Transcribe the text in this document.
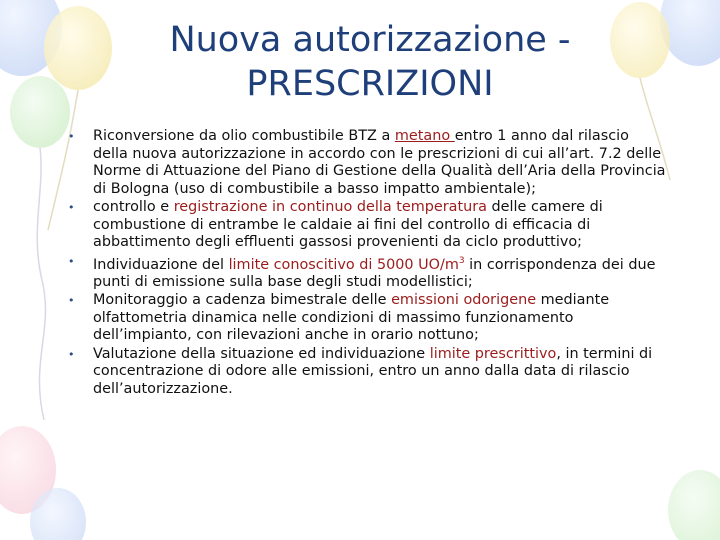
Nuova autorizzazione -
PRESCRIZIONI
• Riconversione da olio combustibile BTZ a metano entro 1 anno dal rilascio della nuova autorizzazione in accordo con le prescrizioni di cui all’art. 7.2 delle Norme di Attuazione del Piano di Gestione della Qualità dell’Aria della Provincia di Bologna (uso di combustibile a basso impatto ambientale);
• controllo e registrazione in continuo della temperatura delle camere di combustione di entrambe le caldaie ai fini del controllo di efficacia di abbattimento degli effluenti gassosi provenienti da ciclo produttivo;
• Individuazione del limite conoscitivo di 5000 $UO/m^3$ in corrispondenza dei due punti di emissione sulla base degli studi modellistici;
• Monitoraggio a cadenza bimestrale delle emissioni odorigene mediante olfattometria dinamica nelle condizioni di massimo funzionamento dell’impianto, con rilevazioni anche in orario nottuno;
• Valutazione della situazione ed individuazione limite prescrittivo, in termini di concentrazione di odore alle emissioni, entro un anno dalla data di rilascio dell’autorizzazione.
